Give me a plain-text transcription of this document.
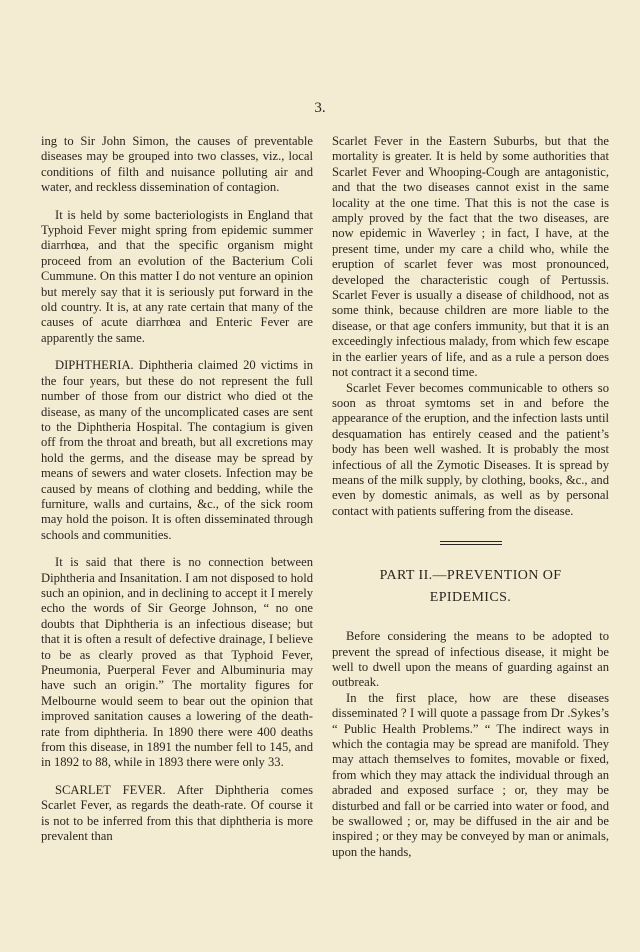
3.

ing to Sir John Simon, the causes of preventable diseases may be grouped into two classes, viz., local conditions of filth and nuisance polluting air and water, and reckless dissemination of contagion.

It is held by some bacteriologists in England that Typhoid Fever might spring from epidemic summer diarrhœa, and that the specific organism might proceed from an evolution of the Bacterium Coli Cummune. On this matter I do not venture an opinion but merely say that it is seriously put forward in the old country. It is, at any rate certain that many of the causes of acute diarrhœa and Enteric Fever are apparently the same.

DIPHTHERIA. Diphtheria claimed 20 victims in the four years, but these do not represent the full number of those from our district who died ot the disease, as many of the uncomplicated cases are sent to the Diphtheria Hospital. The contagium is given off from the throat and breath, but all excretions may hold the germs, and the disease may be spread by means of sewers and water closets. Infection may be caused by means of clothing and bedding, while the furniture, walls and curtains, &c., of the sick room may hold the poison. It is often disseminated through schools and communities.

It is said that there is no connection between Diphtheria and Insanitation. I am not disposed to hold such an opinion, and in declining to accept it I merely echo the words of Sir George Johnson, “ no one doubts that Diphtheria is an infectious disease; but that it is often a result of defective drainage, I believe to be as clearly proved as that Typhoid Fever, Pneumonia, Puerperal Fever and Albuminuria may have such an origin.” The mortality figures for Melbourne would seem to bear out the opinion that improved sanitation causes a lowering of the death-rate from diphtheria. In 1890 there were 400 deaths from this disease, in 1891 the number fell to 145, and in 1892 to 88, while in 1893 there were only 33.

SCARLET FEVER. After Diphtheria comes Scarlet Fever, as regards the death-rate. Of course it is not to be inferred from this that diphtheria is more prevalent than

Scarlet Fever in the Eastern Suburbs, but that the mortality is greater. It is held by some authorities that Scarlet Fever and Whooping-Cough are antagonistic, and that the two diseases cannot exist in the same locality at the one time. That this is not the case is amply proved by the fact that the two diseases, are now epidemic in Waverley ; in fact, I have, at the present time, under my care a child who, while the eruption of scarlet fever was most pronounced, developed the characteristic cough of Pertussis. Scarlet Fever is usually a disease of childhood, not as some think, because children are more liable to the disease, or that age confers immunity, but that it is an exceedingly infectious malady, from which few escape in the earlier years of life, and as a rule a person does not contract it a second time.

Scarlet Fever becomes communicable to others so soon as throat symtoms set in and before the appearance of the eruption, and the infection lasts until desquamation has entirely ceased and the patient’s body has been well washed. It is probably the most infectious of all the Zymotic Diseases. It is spread by means of the milk supply, by clothing, books, &c., and even by domestic animals, as well as by personal contact with patients suffering from the disease.

PART II.—PREVENTION OF
EPIDEMICS.

Before considering the means to be adopted to prevent the spread of infectious disease, it might be well to dwell upon the means of guarding against an outbreak.

In the first place, how are these diseases disseminated ? I will quote a passage from Dr .Sykes’s “ Public Health Problems.” “ The indirect ways in which the contagia may be spread are manifold. They may attach themselves to fomites, movable or fixed, from which they may attack the individual through an abraded and exposed surface ; or, they may be disturbed and fall or be carried into water or food, and be swallowed ; or, may be diffused in the air and be inspired ; or they may be conveyed by man or animals, upon the hands,
